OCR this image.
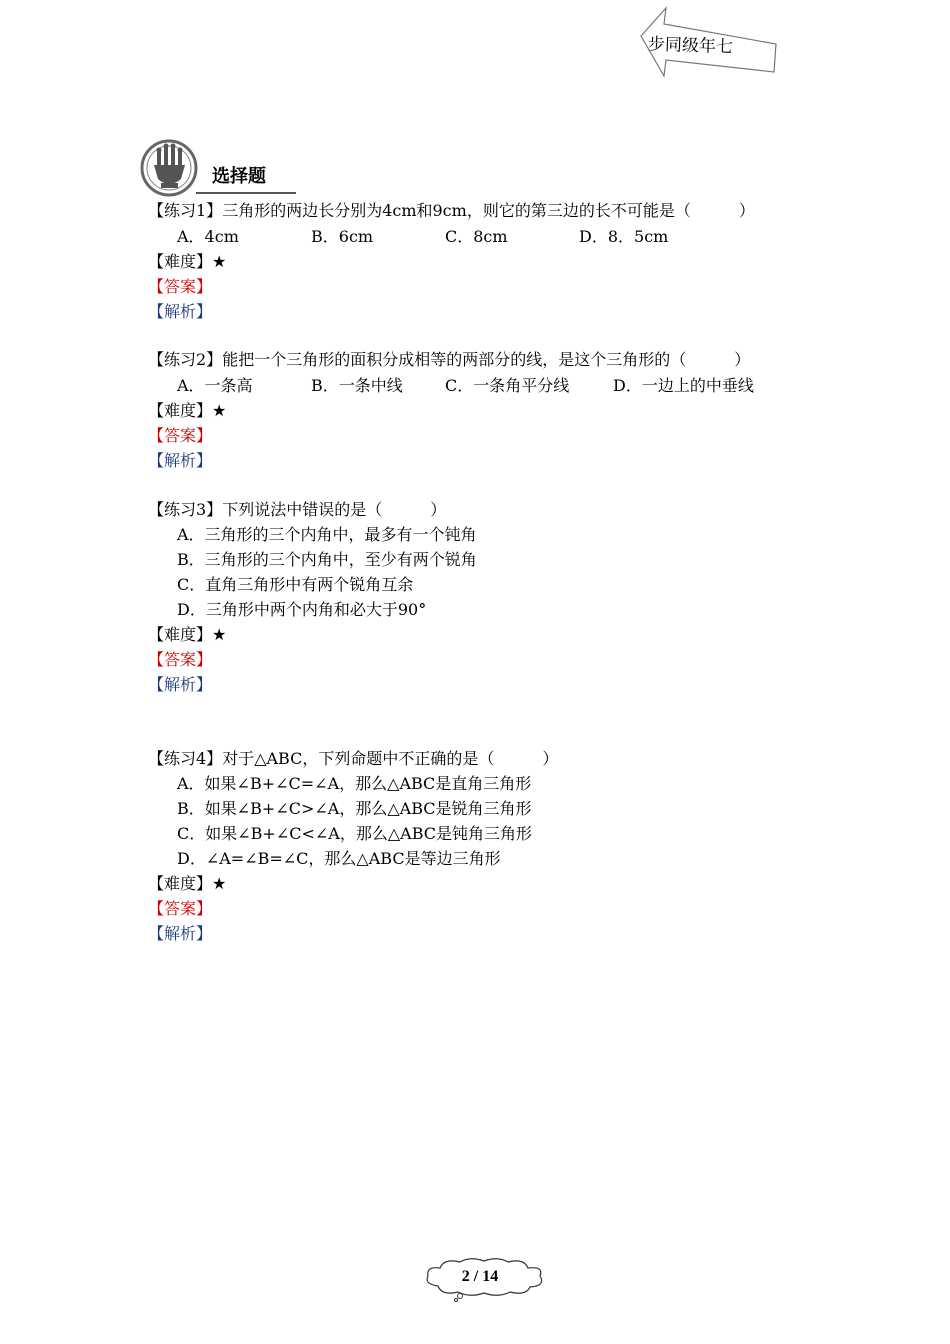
步同级年七
选择题
【练习1】三角形的两边长分别为4cm和9cm，则它的第三边的长不可能是（　　　）
A．4cm	B．6cm	C．8cm	D．8．5cm
【难度】★
【答案】
【解析】
【练习2】能把一个三角形的面积分成相等的两部分的线，是这个三角形的（　　　）
A．一条高	B．一条中线	C．一条角平分线	D．一边上的中垂线
【难度】★
【答案】
【解析】
【练习3】下列说法中错误的是（　　　）
A．三角形的三个内角中，最多有一个钝角
B．三角形的三个内角中，至少有两个锐角
C．直角三角形中有两个锐角互余
D．三角形中两个内角和必大于90°
【难度】★
【答案】
【解析】
【练习4】对于△ABC，下列命题中不正确的是（　　　）
A．如果∠B+∠C=∠A，那么△ABC是直角三角形
B．如果∠B+∠C>∠A，那么△ABC是锐角三角形
C．如果∠B+∠C<∠A，那么△ABC是钝角三角形
D．∠A=∠B=∠C，那么△ABC是等边三角形
【难度】★
【答案】
【解析】
2 / 14
